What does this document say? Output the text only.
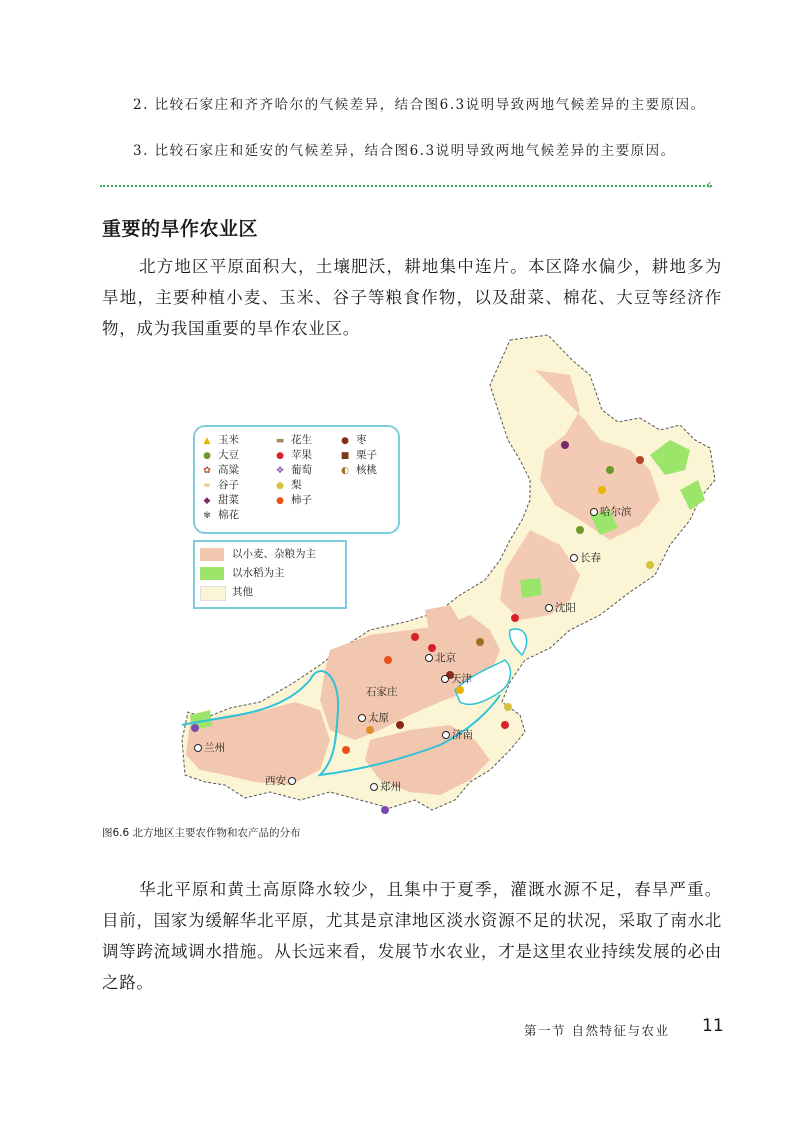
2. 比较石家庄和齐齐哈尔的气候差异，结合图6.3说明导致两地气候差异的主要原因。
3. 比较石家庄和延安的气候差异，结合图6.3说明导致两地气候差异的主要原因。
‹
重要的旱作农业区
北方地区平原面积大，土壤肥沃，耕地集中连片。本区降水偏少，耕地多为旱地，主要种植小麦、玉米、谷子等粮食作物，以及甜菜、棉花、大豆等经济作物，成为我国重要的旱作农业区。
▲ 玉米
● 大豆
✿ 高粱
≈ 谷子
◆ 甜菜
✾ 棉花
▬ 花生
● 苹果
✥ 葡萄
● 梨
● 柿子
● 枣
■ 栗子
◐ 核桃
以小麦、杂粮为主
以水稻为主
其他
哈尔滨
长春
沈阳
北京
天津
石家庄
太原
济南
兰州
西安	郑州
图6.6 北方地区主要农作物和农产品的分布
华北平原和黄土高原降水较少，且集中于夏季，灌溉水源不足，春旱严重。目前，国家为缓解华北平原，尤其是京津地区淡水资源不足的状况，采取了南水北调等跨流域调水措施。从长远来看，发展节水农业，才是这里农业持续发展的必由之路。
第一节 自然特征与农业 11
